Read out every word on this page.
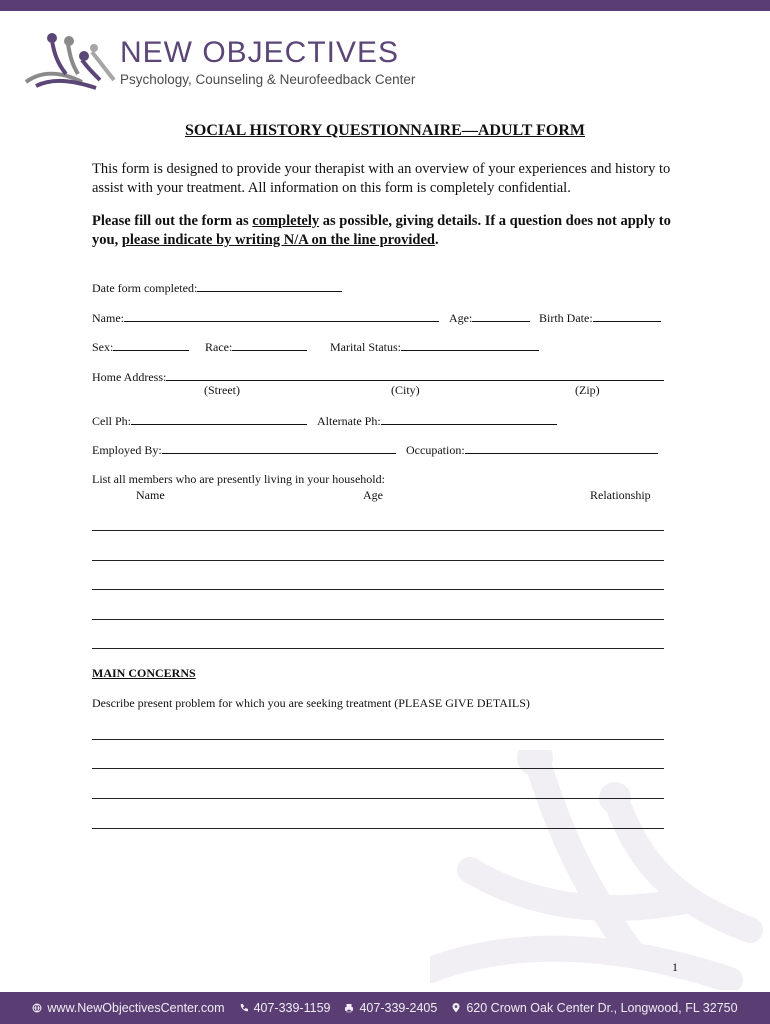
NEW OBJECTIVES
Psychology, Counseling & Neurofeedback Center
SOCIAL HISTORY QUESTIONNAIRE—ADULT FORM
This form is designed to provide your therapist with an overview of your experiences and history to assist with your treatment. All information on this form is completely confidential.
Please fill out the form as completely as possible, giving details. If a question does not apply to you, please indicate by writing N/A on the line provided.
Date form completed:
Name:	Age:	Birth Date:
Sex:	Race:	Marital Status:
Home Address:
(Street)	(City)	(Zip)
Cell Ph:	Alternate Ph:
Employed By:	Occupation:
List all members who are presently living in your household:
Name	Age	Relationship
MAIN CONCERNS
Describe present problem for which you are seeking treatment (PLEASE GIVE DETAILS)
1
www.NewObjectivesCenter.com 407-339-1159 407-339-2405 620 Crown Oak Center Dr., Longwood, FL 32750
